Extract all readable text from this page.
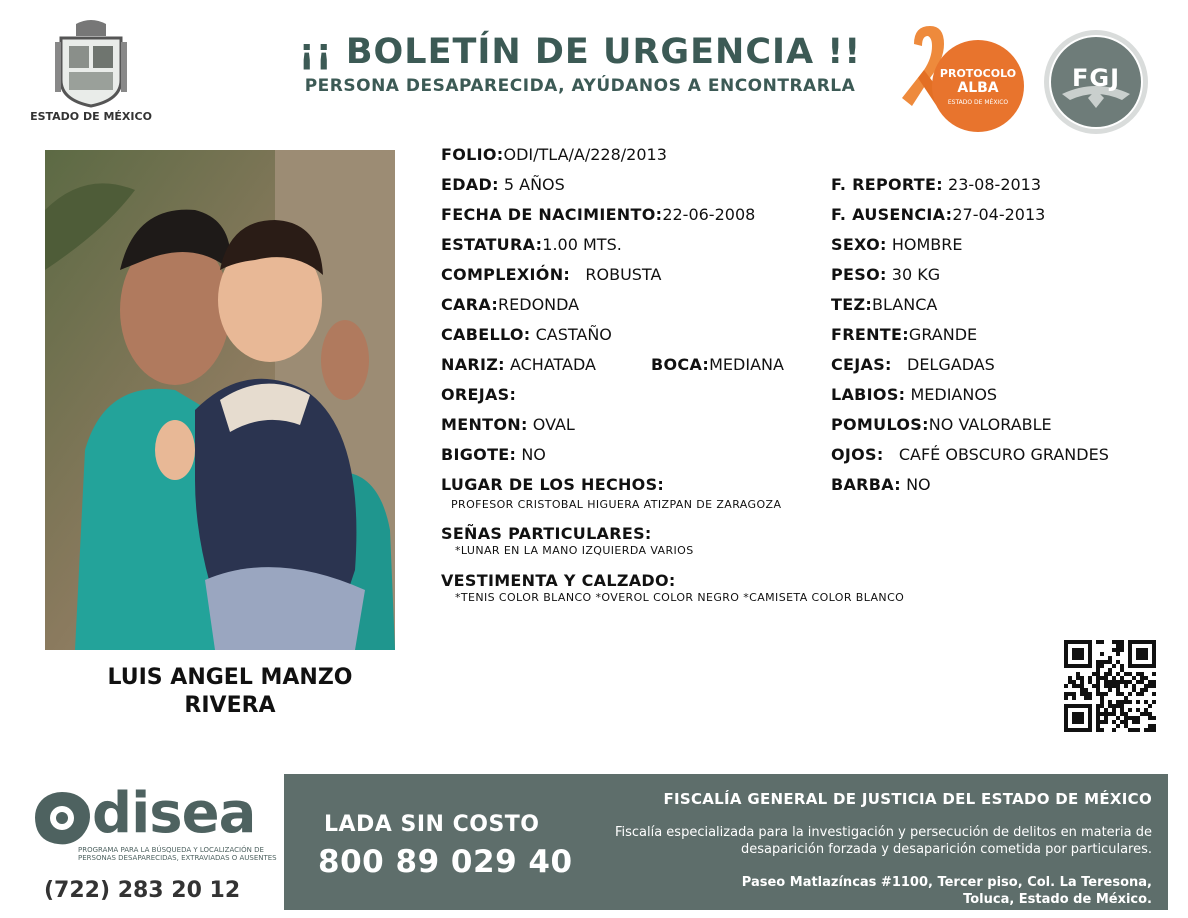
ESTADO DE MÉXICO
¡¡ BOLETÍN DE URGENCIA !!
PERSONA DESAPARECIDA, AYÚDANOS A ENCONTRARLA
PROTOCOLO
ALBA
ESTADO DE MÉXICO
FGJ
LUIS ANGEL MANZO
RIVERA
FOLIO:ODI/TLA/A/228/2013
EDAD: 5 AÑOS
FECHA DE NACIMIENTO:22-06-2008
ESTATURA:1.00 MTS.
COMPLEXIÓN: ROBUSTA
CARA:REDONDA
CABELLO: CASTAÑO
NARIZ: ACHATADA	BOCA:MEDIANA
OREJAS:
MENTON: OVAL
BIGOTE: NO
LUGAR DE LOS HECHOS:
PROFESOR CRISTOBAL HIGUERA ATIZPAN DE ZARAGOZA
SEÑAS PARTICULARES:
*LUNAR EN LA MANO IZQUIERDA VARIOS
VESTIMENTA Y CALZADO:
*TENIS COLOR BLANCO *OVEROL COLOR NEGRO *CAMISETA COLOR BLANCO
F. REPORTE: 23-08-2013
F. AUSENCIA:27-04-2013
SEXO: HOMBRE
PESO: 30 KG
TEZ:BLANCA
FRENTE:GRANDE
CEJAS: DELGADAS
LABIOS: MEDIANOS
POMULOS:NO VALORABLE
OJOS: CAFÉ OBSCURO GRANDES
BARBA: NO
disea
PROGRAMA PARA LA BÚSQUEDA Y LOCALIZACIÓN DE PERSONAS DESAPARECIDAS, EXTRAVIADAS O AUSENTES
(722) 283 20 12
LADA SIN COSTO
800 89 029 40
FISCALÍA GENERAL DE JUSTICIA DEL ESTADO DE MÉXICO
Fiscalía especializada para la investigación y persecución de delitos en materia de desaparición forzada y desaparición cometida por particulares.
Paseo Matlazíncas #1100, Tercer piso, Col. La Teresona,
Toluca, Estado de México.
